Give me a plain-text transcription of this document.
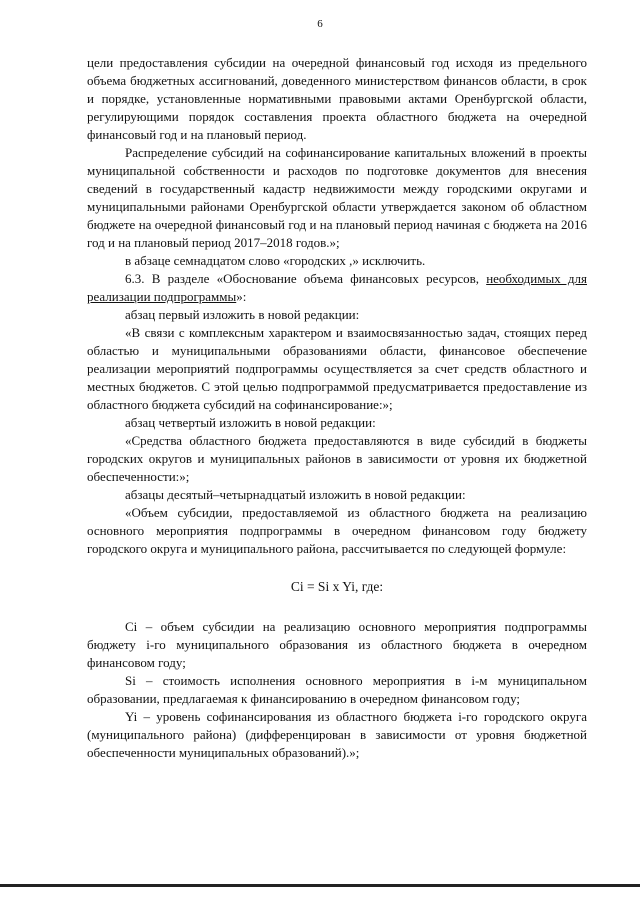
6

цели предоставления субсидии на очередной финансовый год исходя из предельного объема бюджетных ассигнований, доведенного министерством финансов области, в срок и порядке, установленные нормативными правовыми актами Оренбургской области, регулирующими порядок составления проекта областного бюджета на очередной финансовый год и на плановый период.

Распределение субсидий на софинансирование капитальных вложений в проекты муниципальной собственности и расходов по подготовке документов для внесения сведений в государственный кадастр недвижимости между городскими округами и муниципальными районами Оренбургской области утверждается законом об областном бюджете на очередной финансовый год и на плановый период начиная с бюджета на 2016 год и на плановый период 2017–2018 годов.»;

в абзаце семнадцатом слово «городских ,» исключить.

6.3. В разделе «Обоснование объема финансовых ресурсов, необходимых для реализации подпрограммы»:

абзац первый изложить в новой редакции:

«В связи с комплексным характером и взаимосвязанностью задач, стоящих перед областью и муниципальными образованиями области, финансовое обеспечение реализации мероприятий подпрограммы осуществляется за счет средств областного и местных бюджетов. С этой целью подпрограммой предусматривается предоставление из областного бюджета субсидий на софинансирование:»;

абзац четвертый изложить в новой редакции:

«Средства областного бюджета предоставляются в виде субсидий в бюджеты городских округов и муниципальных районов в зависимости от уровня их бюджетной обеспеченности:»;

абзацы десятый–четырнадцатый изложить в новой редакции:

«Объем субсидии, предоставляемой из областного бюджета на реализацию основного мероприятия подпрограммы в очередном финансовом году бюджету городского округа и муниципального района, рассчитывается по следующей формуле:

Ci = Si x Yi, где:

Ci – объем субсидии на реализацию основного мероприятия подпрограммы бюджету i-го муниципального образования из областного бюджета в очередном финансовом году;

Si – стоимость исполнения основного мероприятия в i-м муниципальном образовании, предлагаемая к финансированию в очередном финансовом году;

Yi – уровень софинансирования из областного бюджета i-го городского округа (муниципального района) (дифференцирован в зависимости от уровня бюджетной обеспеченности муниципальных образований).»;
